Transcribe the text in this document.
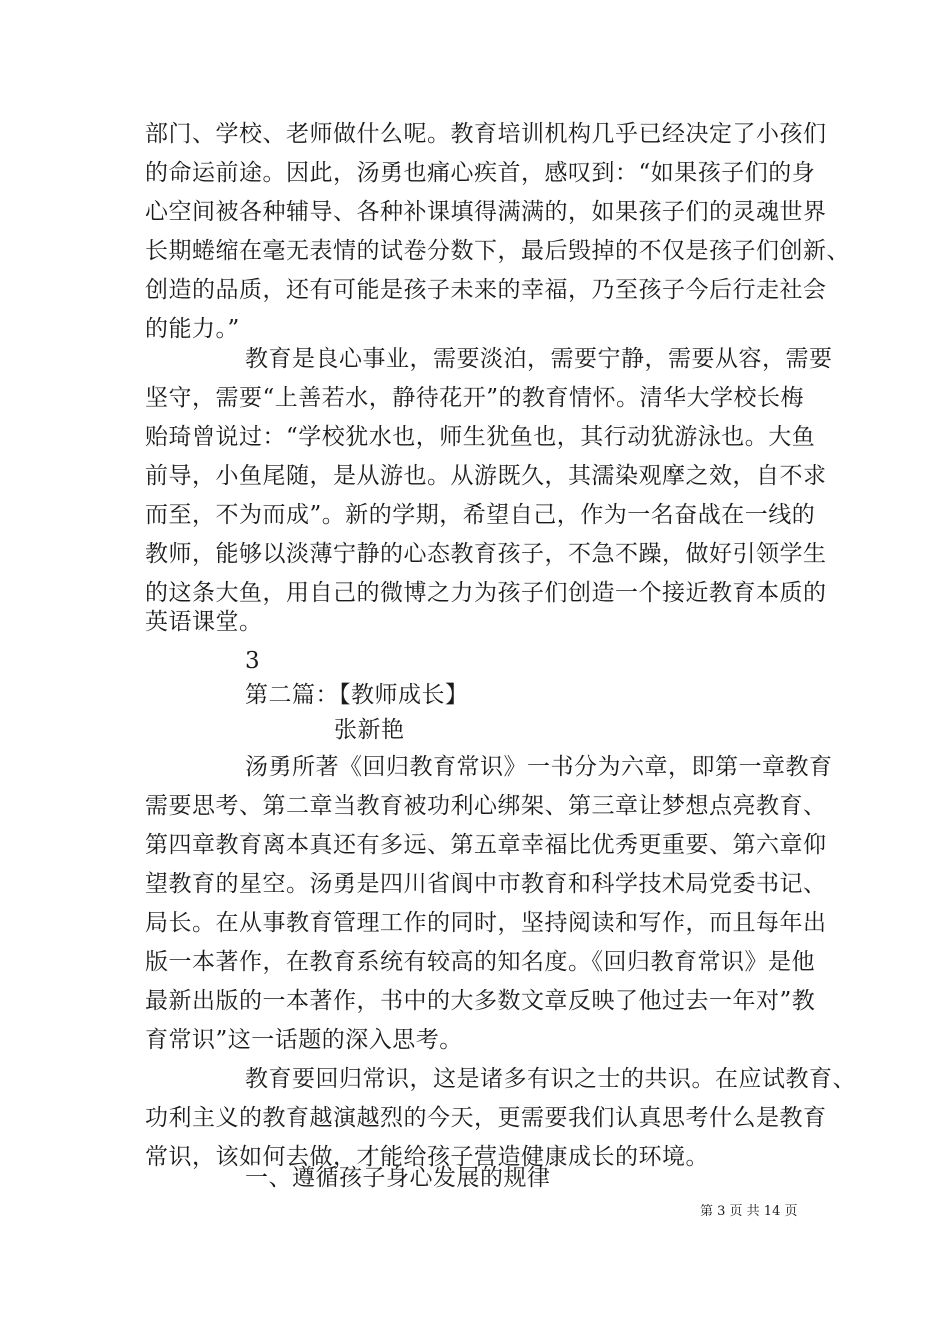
部门、学校、老师做什么呢。教育培训机构几乎已经决定了小孩们
的命运前途。因此，汤勇也痛心疾首，感叹到：“如果孩子们的身
心空间被各种辅导、各种补课填得满满的，如果孩子们的灵魂世界
长期蜷缩在毫无表情的试卷分数下，最后毁掉的不仅是孩子们创新、
创造的品质，还有可能是孩子未来的幸福，乃至孩子今后行走社会
的能力。”
教育是良心事业，需要淡泊，需要宁静，需要从容，需要
坚守，需要“上善若水，静待花开”的教育情怀。清华大学校长梅
贻琦曾说过：“学校犹水也，师生犹鱼也，其行动犹游泳也。大鱼
前导，小鱼尾随，是从游也。从游既久，其濡染观摩之效，自不求
而至，不为而成”。新的学期，希望自己，作为一名奋战在一线的
教师，能够以淡薄宁静的心态教育孩子，不急不躁，做好引领学生
的这条大鱼，用自己的微博之力为孩子们创造一个接近教育本质的
英语课堂。
3
第二篇：【教师成长】
张新艳
汤勇所著《回归教育常识》一书分为六章，即第一章教育
需要思考、第二章当教育被功利心绑架、第三章让梦想点亮教育、
第四章教育离本真还有多远、第五章幸福比优秀更重要、第六章仰
望教育的星空。汤勇是四川省阆中市教育和科学技术局党委书记、
局长。在从事教育管理工作的同时，坚持阅读和写作，而且每年出
版一本著作，在教育系统有较高的知名度。《回归教育常识》是他
最新出版的一本著作，书中的大多数文章反映了他过去一年对”教
育常识”这一话题的深入思考。
教育要回归常识，这是诸多有识之士的共识。在应试教育、
功利主义的教育越演越烈的今天，更需要我们认真思考什么是教育
常识，该如何去做，才能给孩子营造健康成长的环境。
一、遵循孩子身心发展的规律
第 3 页 共 14 页
